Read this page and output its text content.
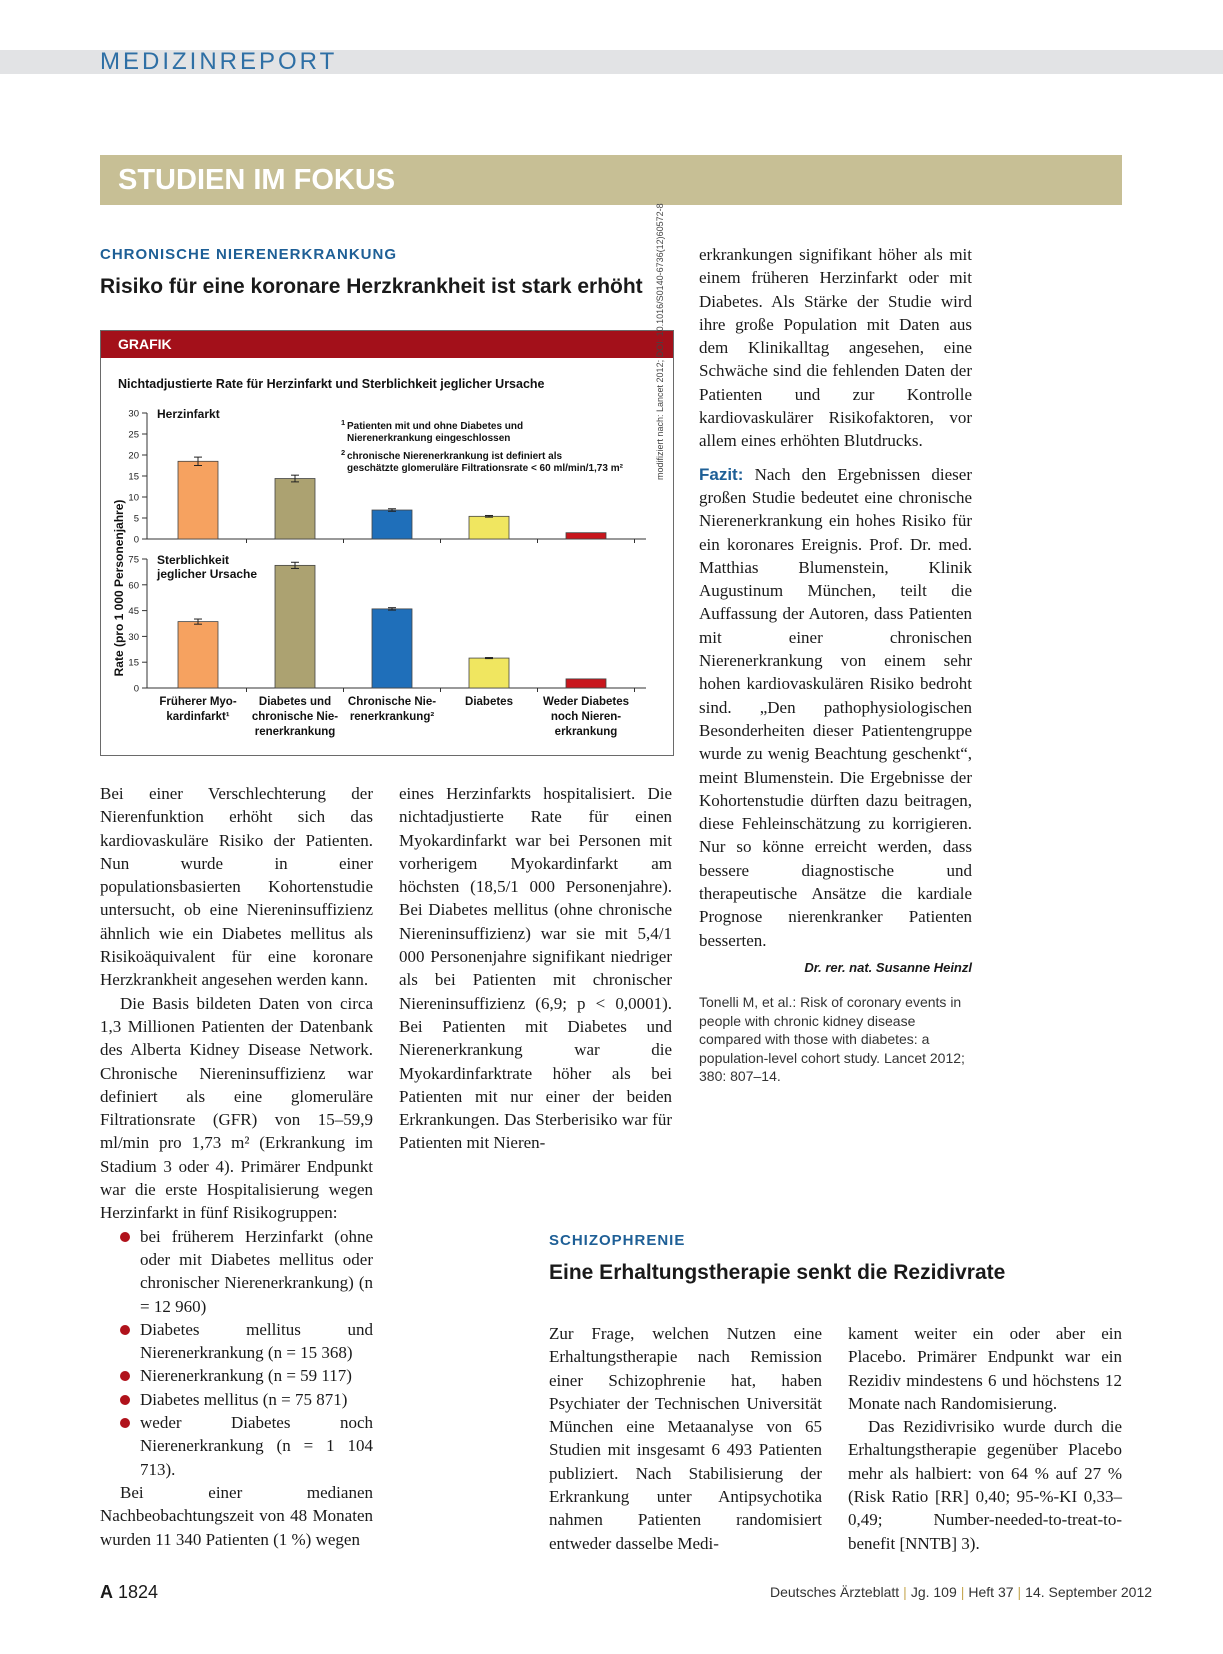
MEDIZINREPORT
STUDIEN IM FOKUS
CHRONISCHE NIERENERKRANKUNG
Risiko für eine koronare Herzkrankheit ist stark erhöht
GRAFIK
Nichtadjustierte Rate für Herzinfarkt und Sterblichkeit jeglicher Ursache
Rate (pro 1 000 Personenjahre)
1 Patienten mit und ohne Diabetes und
Nierenerkrankung eingeschlossen
2 chronische Nierenerkrankung ist definiert als
geschätzte glomeruläre Filtrationsrate < 60 ml/min/1,73 m²
0
5
10
15
20
25
30 Herzinfarkt
0
15
30
45
60
75 Sterblichkeit
jeglicher Ursache
Früherer Myo-
kardinfarkt¹
Diabetes und
chronische Nie-
renerkrankung
Chronische Nie-
renerkrankung²
Diabetes	Weder Diabetes
noch Nieren-
erkrankung
modifiziert nach: Lancet 2012; DOI: 10.1016/S0140-6736(12)60572-8

Bei einer Verschlechterung der Nierenfunktion erhöht sich das kardiovaskuläre Risiko der Patienten. Nun wurde in einer populationsbasierten Kohortenstudie untersucht, ob eine Niereninsuffizienz ähnlich wie ein Diabetes mellitus als Risikoäquivalent für eine koronare Herzkrankheit angesehen werden kann.

Die Basis bildeten Daten von circa 1,3 Millionen Patienten der Datenbank des Alberta Kidney Disease Network. Chronische Niereninsuffizienz war definiert als eine glomeruläre Filtrationsrate (GFR) von 15–59,9 ml/min pro 1,73 m² (Erkrankung im Stadium 3 oder 4). Primärer Endpunkt war die erste Hospitalisierung wegen Herzinfarkt in fünf Risikogruppen:

bei früherem Herzinfarkt (ohne oder mit Diabetes mellitus oder chronischer Nierenerkrankung) (n = 12 960)
Diabetes mellitus und Nierenerkrankung (n = 15 368)
Nierenerkrankung (n = 59 117)
Diabetes mellitus (n = 75 871)
weder Diabetes noch Nierenerkrankung (n = 1 104 713).

Bei einer medianen Nachbeobachtungszeit von 48 Monaten wurden 11 340 Patienten (1 %) wegen

eines Herzinfarkts hospitalisiert. Die nichtadjustierte Rate für einen Myokardinfarkt war bei Personen mit vorherigem Myokardinfarkt am höchsten (18,5/1 000 Personenjahre). Bei Diabetes mellitus (ohne chronische Niereninsuffizienz) war sie mit 5,4/1 000 Personenjahre signifikant niedriger als bei Patienten mit chronischer Niereninsuffizienz (6,9; p < 0,0001). Bei Patienten mit Diabetes und Nierenerkrankung war die Myokardinfarktrate höher als bei Patienten mit nur einer der beiden Erkrankungen. Das Sterberisiko war für Patienten mit Nieren-

erkrankungen signifikant höher als mit einem früheren Herzinfarkt oder mit Diabetes. Als Stärke der Studie wird ihre große Population mit Daten aus dem Klinikalltag angesehen, eine Schwäche sind die fehlenden Daten der Patienten und zur Kontrolle kardiovaskulärer Risikofaktoren, vor allem eines erhöhten Blutdrucks.

Fazit: Nach den Ergebnissen dieser großen Studie bedeutet eine chronische Nierenerkrankung ein hohes Risiko für ein koronares Ereignis. Prof. Dr. med. Matthias Blumenstein, Klinik Augustinum München, teilt die Auffassung der Autoren, dass Patienten mit einer chronischen Nierenerkrankung von einem sehr hohen kardiovaskulären Risiko bedroht sind. „Den pathophysiologischen Besonderheiten dieser Patientengruppe wurde zu wenig Beachtung geschenkt“, meint Blumenstein. Die Ergebnisse der Kohortenstudie dürften dazu beitragen, diese Fehleinschätzung zu korrigieren. Nur so könne erreicht werden, dass bessere diagnostische und therapeutische Ansätze die kardiale Prognose nierenkranker Patienten besserten.

Dr. rer. nat. Susanne Heinzl
Tonelli M, et al.: Risk of coronary events in people with chronic kidney disease compared with those with diabetes: a population-level cohort study. Lancet 2012; 380: 807–14.
SCHIZOPHRENIE
Eine Erhaltungstherapie senkt die Rezidivrate

Zur Frage, welchen Nutzen eine Erhaltungstherapie nach Remission einer Schizophrenie hat, haben Psychiater der Technischen Universität München eine Metaanalyse von 65 Studien mit insgesamt 6 493 Patienten publiziert. Nach Stabilisierung der Erkrankung unter Antipsychotika nahmen Patienten randomisiert entweder dasselbe Medi-

kament weiter ein oder aber ein Placebo. Primärer Endpunkt war ein Rezidiv mindestens 6 und höchstens 12 Monate nach Randomisierung.

Das Rezidivrisiko wurde durch die Erhaltungstherapie gegenüber Placebo mehr als halbiert: von 64 % auf 27 % (Risk Ratio [RR] 0,40; 95-%-KI 0,33–0,49; Number-needed-to-treat-to-benefit [NNTB] 3).

A 1824	Deutsches Ärzteblatt | Jg. 109 | Heft 37 | 14. September 2012
